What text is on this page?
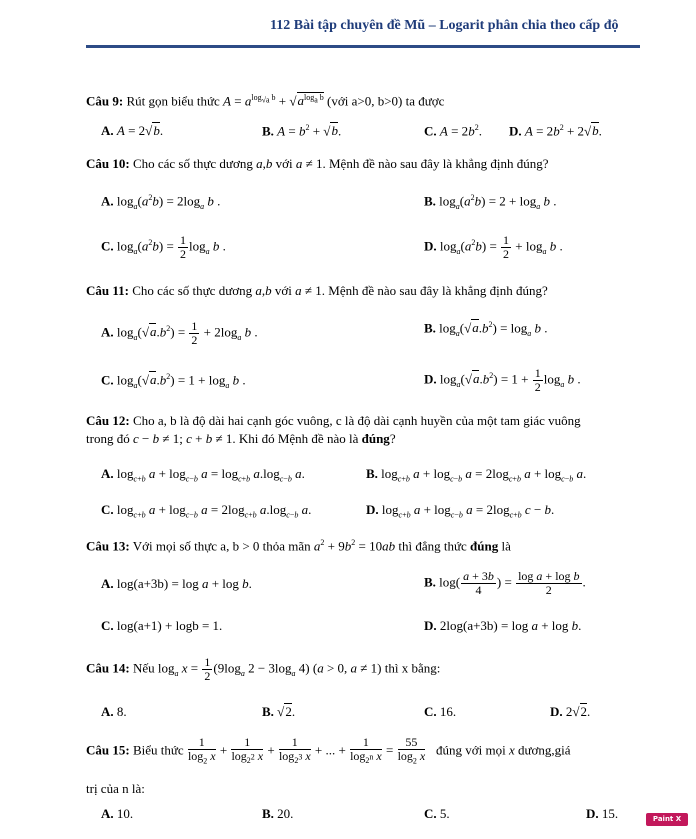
112 Bài tập chuyên đề Mũ – Logarit phân chia theo cấp độ
Câu 9: Rút gọn biểu thức $A = a^{log_{√a} b} + √a^{log_a b}$ (với a>0, b>0) ta được
A. A = 2√b.	B. $A = b^2 + √b$.	C. $A = 2b^2$. D. $A = 2b^2 + 2√b$.
Câu 10: Cho các số thực dương a,b với a ≠ 1. Mệnh đề nào sau đây là khẳng định đúng?
A. $\log_a(a^2b) = 2\log_a$ b .	B. $\log_a(a^2b) = 2 + \log_a b$ .
C. $\log_a(a^2b) = \frac{1}{2} \log_a b$ .	D. $\log_a(a^2b) = \frac{1}{2} + \log_a b$ .
Câu 11: Cho các số thực dương a,b với a ≠ 1. Mệnh đề nào sau đây là khẳng định đúng?
A. $\log_a(√a.b^2) = \frac{1}{2} + 2\log_a$ b .	B. $\log_a(√a.b^2) = \log_a b$ .
C. $\log_a(√a.b^2) = 1 + \log_a b$ .	D. $\log_a(√a.b^2) = 1 + \frac{1}{2} \log_a b$ .
Câu 12: Cho a, b là độ dài hai cạnh góc vuông, c là độ dài cạnh huyền của một tam giác vuông
trong đó c − b ≠ 1; c + b ≠ 1. Khi đó Mệnh đề nào là đúng?
A. $\log_{c+b} a + \log_{c-b} a = \log_{c+b} a.\log_{c-b}$ a.	B. $\log_{c+b} a + \log_{c-b} a = 2\log_{c+b}$ $a + \log_{c-b} a$.
C. $\log_{c+b} a + \log_{c-b} a = 2\log_{c+b}$ $a.\log_{c-b}$ a.	D. $\log_{c+b} a + \log_{c-b} a = 2\log_{c+b}$ c − b.
Câu 13: Với mọi số thực a, b > 0 thỏa mãn $a^2 + 9b^2 = 10ab$ thì đẳng thức đúng là
A. log(a+3b) = log a + log b.	B. $\log( \frac{a + 3b}{4}$ ) = $\frac{\text{log a + log b}}{2}$ .
C. log(a+1) + logb = 1.	D. 2log(a+3b) = log a + log b.
Câu 14: Nếu $\log_a x = \frac{1}{2} (9\log_a$ $2 - 3\log_a$ 4) (a > 0, a ≠ 1) thì x bằng:
A. 8.	B. √2.	C. 16.	D. 2√2.
Câu 15: Biểu thức $\frac{1}{\log_2 x} + \frac{1}{\log_{2^2} x} + \frac{1}{\log_{2^3} x}$ + ... + $\frac{1}{\log_{2^n} x} = \frac{55}{\log_2 x}$ đúng với mọi x dương,giá
trị của n là:
A. 10.	B. 20.	C. 5.	D. 15.	Paint X lite
